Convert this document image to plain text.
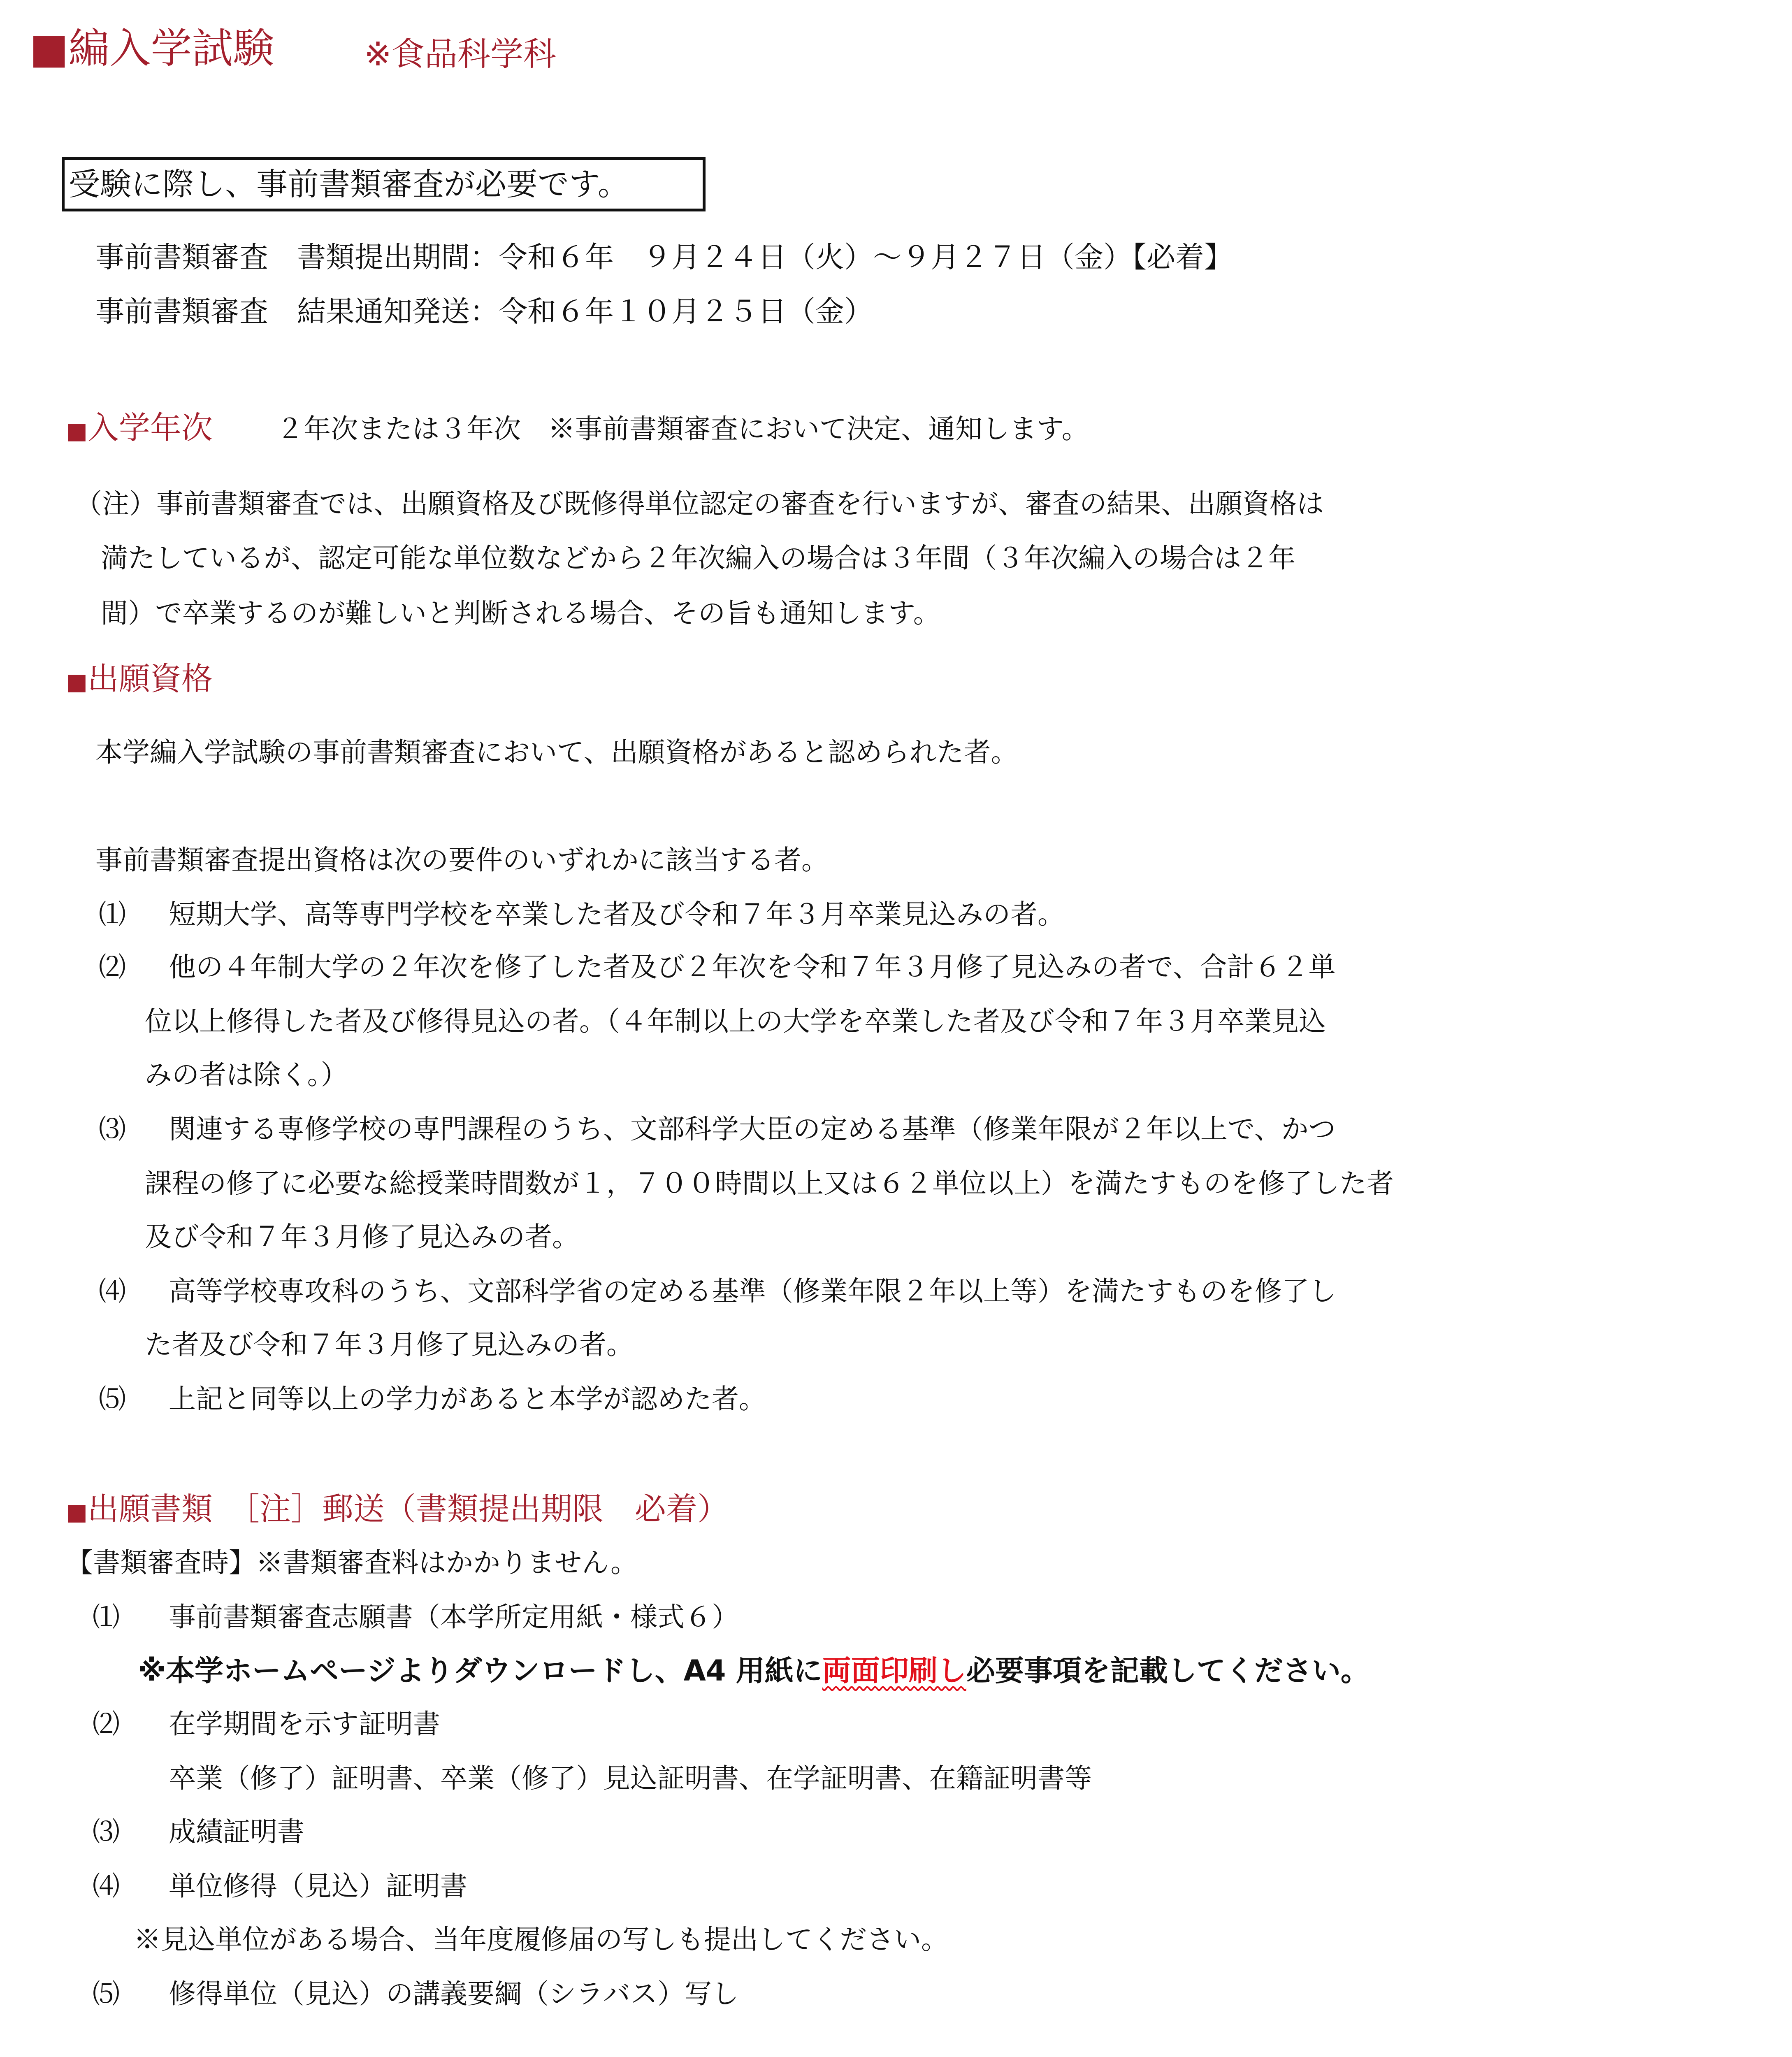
■編入学試験	※食品科学科
受験に際し、事前書類審査が必要です。
事前書類審査　書類提出期間：令和６年　９月２４日（火）～９月２７日（金）【必着】
事前書類審査　結果通知発送：令和６年１０月２５日（金）
■入学年次 ２年次または３年次　※事前書類審査において決定、通知します。
（注）事前書類審査では、出願資格及び既修得単位認定の審査を行いますが、審査の結果、出願資格は
満たしているが、認定可能な単位数などから２年次編入の場合は３年間（３年次編入の場合は２年
間）で卒業するのが難しいと判断される場合、その旨も通知します。
■出願資格
本学編入学試験の事前書類審査において、出願資格があると認められた者。
事前書類審査提出資格は次の要件のいずれかに該当する者。
⑴ 短期大学、高等専門学校を卒業した者及び令和７年３月卒業見込みの者。
⑵ 他の４年制大学の２年次を修了した者及び２年次を令和７年３月修了見込みの者で、合計６２単
位以上修得した者及び修得見込の者。（４年制以上の大学を卒業した者及び令和７年３月卒業見込
みの者は除く。）
⑶ 関連する専修学校の専門課程のうち、文部科学大臣の定める基準（修業年限が２年以上で、かつ
課程の修了に必要な総授業時間数が１，７００時間以上又は６２単位以上）を満たすものを修了した者
及び令和７年３月修了見込みの者。
⑷ 高等学校専攻科のうち、文部科学省の定める基準（修業年限２年以上等）を満たすものを修了し
た者及び令和７年３月修了見込みの者。
⑸ 上記と同等以上の学力があると本学が認めた者。
■出願書類　［注］郵送（書類提出期限　必着）
【書類審査時】※書類審査料はかかりません。
⑴ 事前書類審査志願書（本学所定用紙・様式６）
※本学ホームページよりダウンロードし、A4 用紙に両面印刷し必要事項を記載してください。
⑵ 在学期間を示す証明書
卒業（修了）証明書、卒業（修了）見込証明書、在学証明書、在籍証明書等
⑶ 成績証明書
⑷ 単位修得（見込）証明書
※見込単位がある場合、当年度履修届の写しも提出してください。
⑸ 修得単位（見込）の講義要綱（シラバス）写し
